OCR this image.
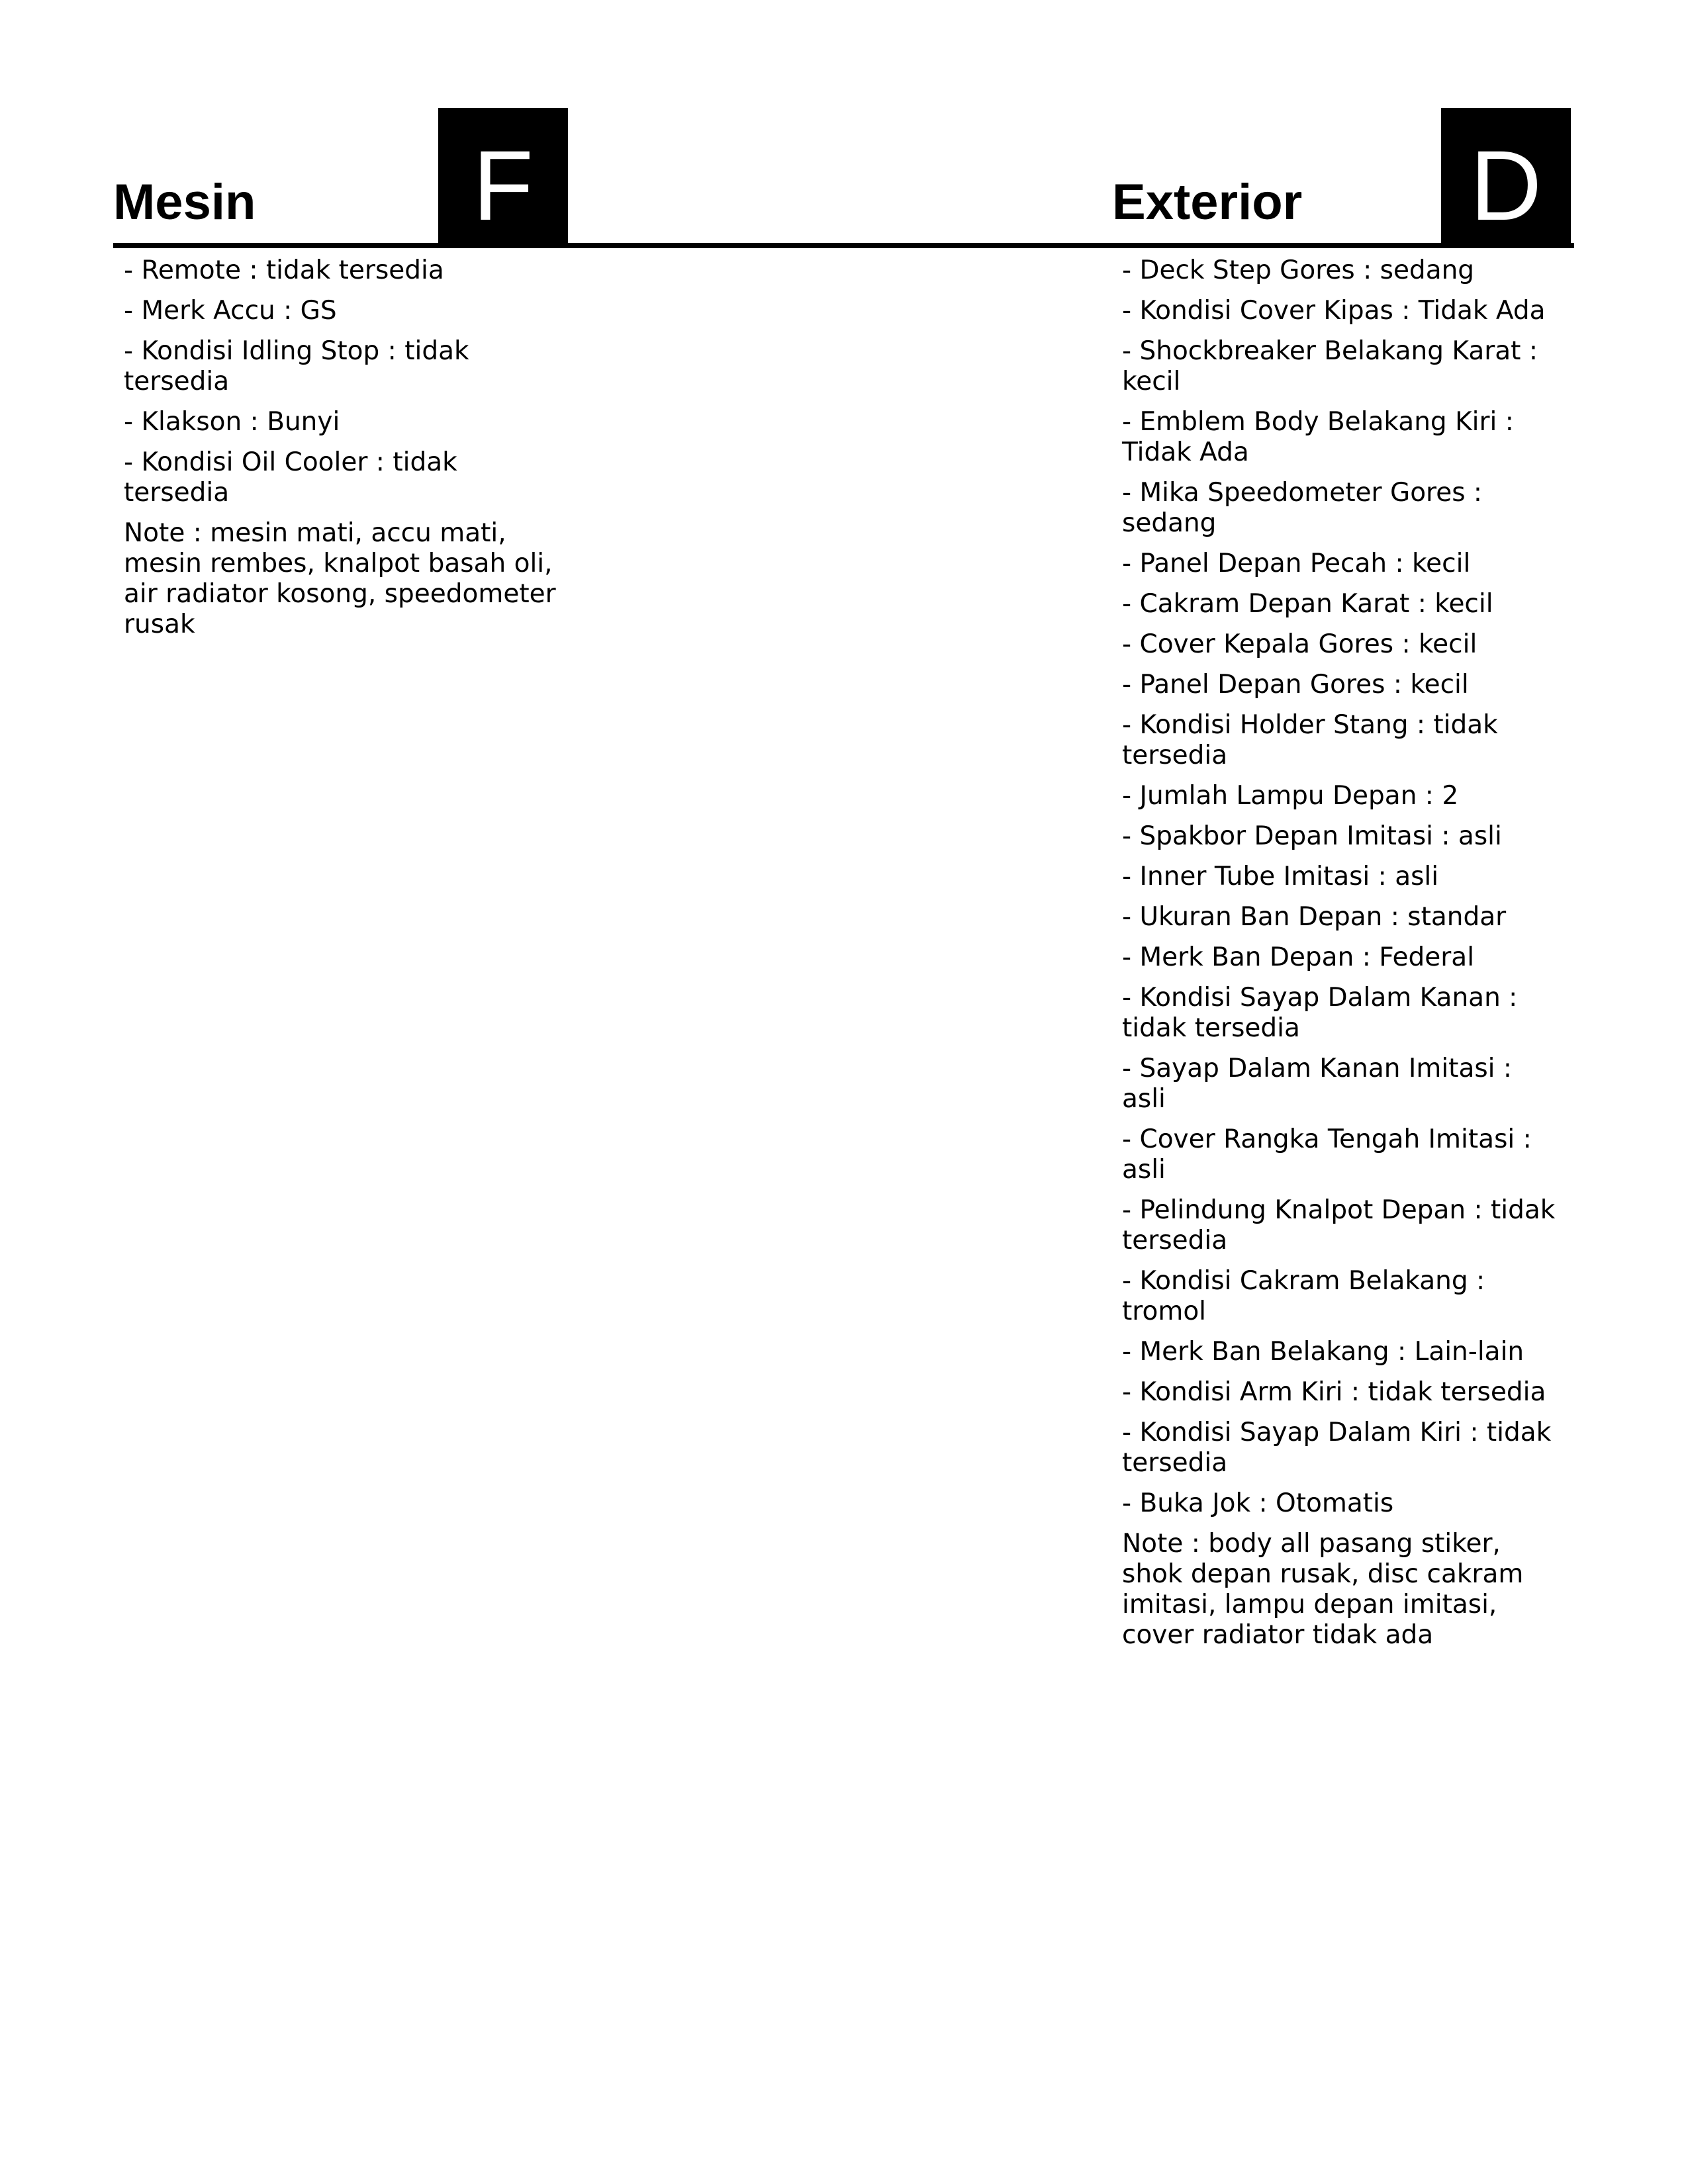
Mesin	F	Exterior D
- Remote : tidak tersedia
- Merk Accu : GS
- Kondisi Idling Stop : tidak tersedia
- Klakson : Bunyi
- Kondisi Oil Cooler : tidak tersedia
Note : mesin mati, accu mati, mesin rembes, knalpot basah oli, air radiator kosong, speedometer rusak
- Deck Step Gores : sedang
- Kondisi Cover Kipas : Tidak Ada
- Shockbreaker Belakang Karat : kecil
- Emblem Body Belakang Kiri : Tidak Ada
- Mika Speedometer Gores : sedang
- Panel Depan Pecah : kecil
- Cakram Depan Karat : kecil
- Cover Kepala Gores : kecil
- Panel Depan Gores : kecil
- Kondisi Holder Stang : tidak tersedia
- Jumlah Lampu Depan : 2
- Spakbor Depan Imitasi : asli
- Inner Tube Imitasi : asli
- Ukuran Ban Depan : standar
- Merk Ban Depan : Federal
- Kondisi Sayap Dalam Kanan : tidak tersedia
- Sayap Dalam Kanan Imitasi : asli
- Cover Rangka Tengah Imitasi : asli
- Pelindung Knalpot Depan : tidak tersedia
- Kondisi Cakram Belakang : tromol
- Merk Ban Belakang : Lain-lain
- Kondisi Arm Kiri : tidak tersedia
- Kondisi Sayap Dalam Kiri : tidak tersedia
- Buka Jok : Otomatis
Note : body all pasang stiker, shok depan rusak, disc cakram imitasi, lampu depan imitasi, cover radiator tidak ada
